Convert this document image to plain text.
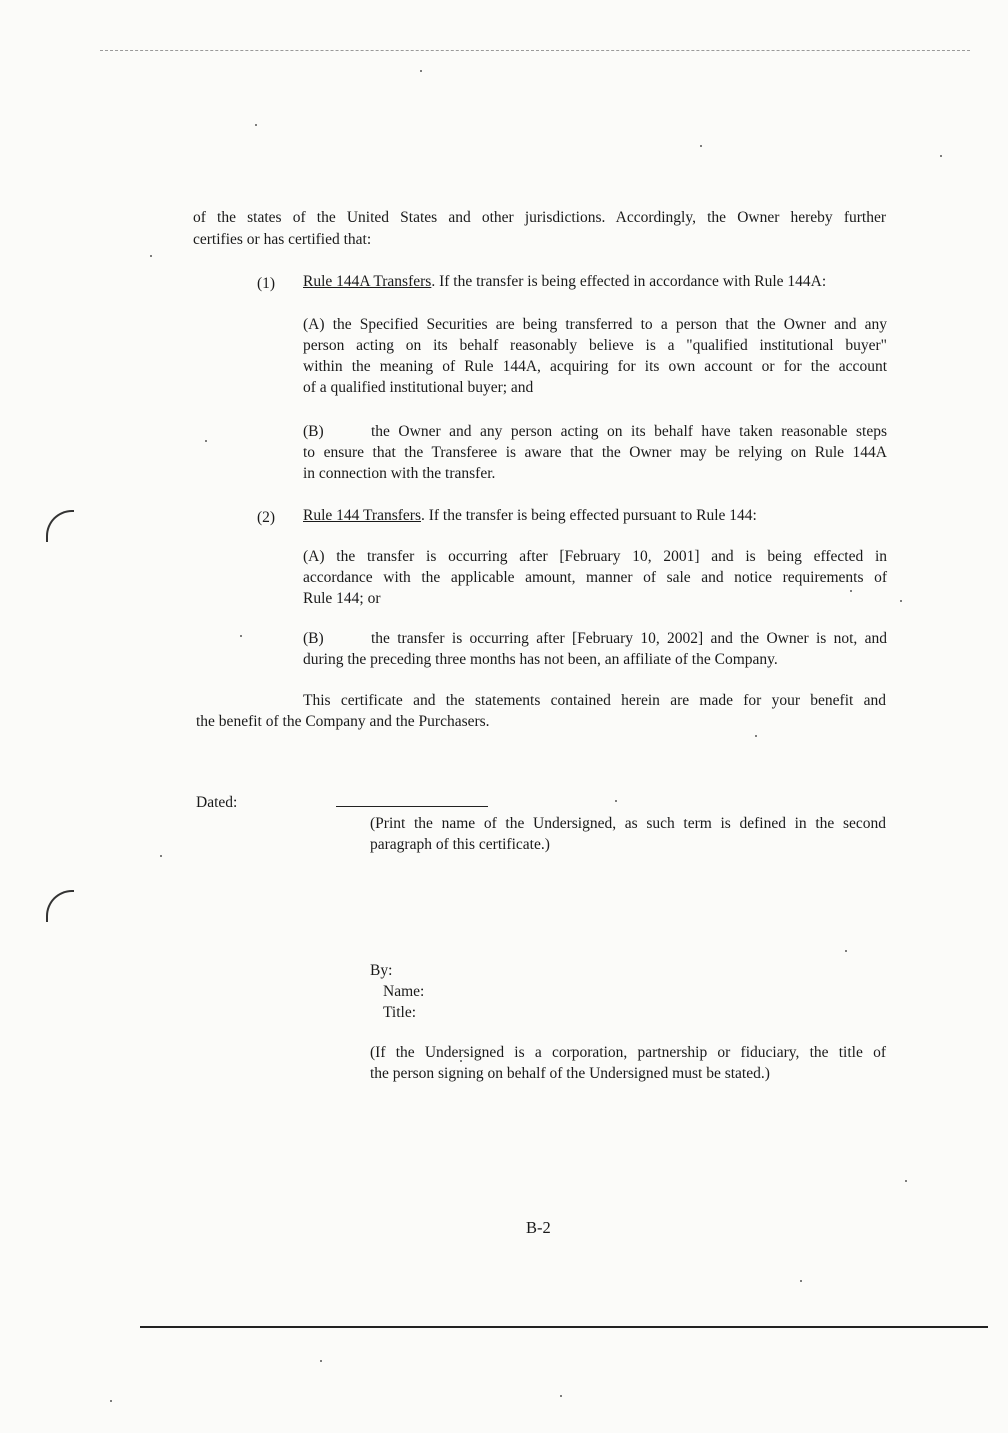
of the states of the United States and other jurisdictions. Accordingly, the Owner hereby further
certifies or has certified that:
(1) Rule 144A Transfers. If the transfer is being effected in accordance with Rule 144A:
(A) the Specified Securities are being transferred to a person that the Owner and any
person acting on its behalf reasonably believe is a "qualified institutional buyer"
within the meaning of Rule 144A, acquiring for its own account or for the account
of a qualified institutional buyer; and
(B)	the Owner and any person acting on its behalf have taken reasonable steps
to ensure that the Transferee is aware that the Owner may be relying on Rule 144A
in connection with the transfer.
(2) Rule 144 Transfers. If the transfer is being effected pursuant to Rule 144:
(A) the transfer is occurring after [February 10, 2001] and is being effected in
accordance with the applicable amount, manner of sale and notice requirements of
Rule 144; or
(B)	the transfer is occurring after [February 10, 2002] and the Owner is not, and
during the preceding three months has not been, an affiliate of the Company.
This certificate and the statements contained herein are made for your benefit and
the benefit of the Company and the Purchasers.
Dated:
(Print the name of the Undersigned, as such term is defined in the second
paragraph of this certificate.)
By:
Name:
Title:
(If the Undersigned is a corporation, partnership or fiduciary, the title of
the person signing on behalf of the Undersigned must be stated.)
B-2
